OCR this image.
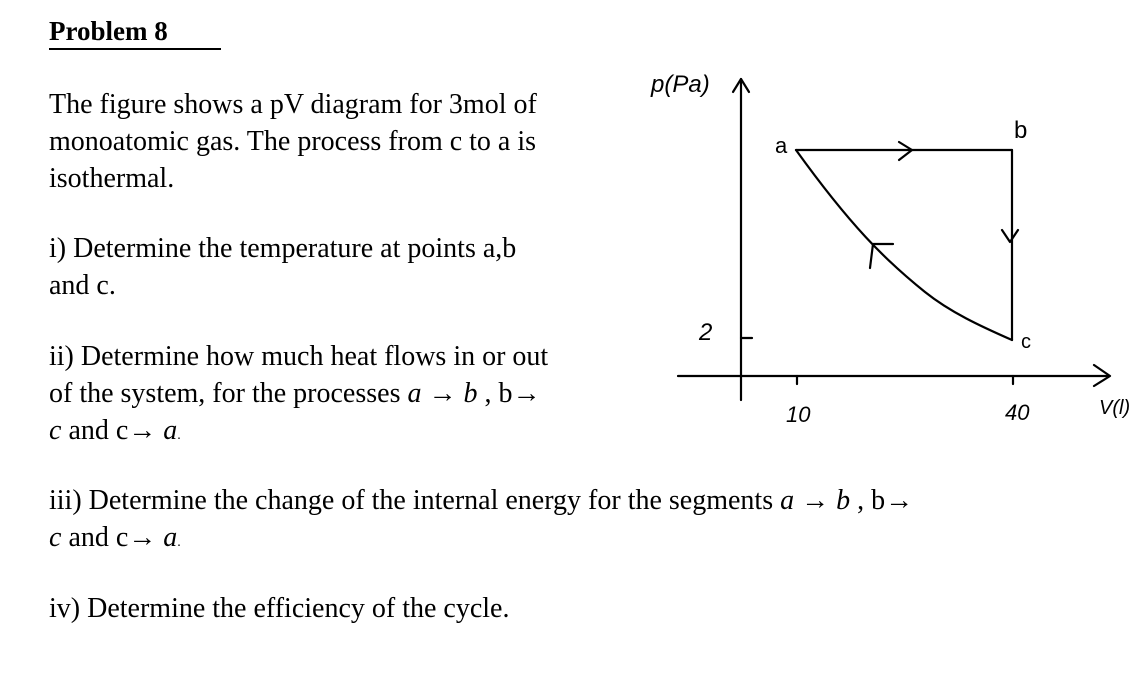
Problem 8
The figure shows a pV diagram for 3mol of
monoatomic gas. The process from c to a is
isothermal.
i) Determine the temperature at points a,b
and c.
ii) Determine how much heat flows in or out
of the system, for the processes a → b , b→
c and c→ a.
iii) Determine the change of the internal energy for the segments a → b , b→
c and c→ a.
iv) Determine the efficiency of the cycle.
p(Pa)
V(l)
2
10	40
a
b
c
